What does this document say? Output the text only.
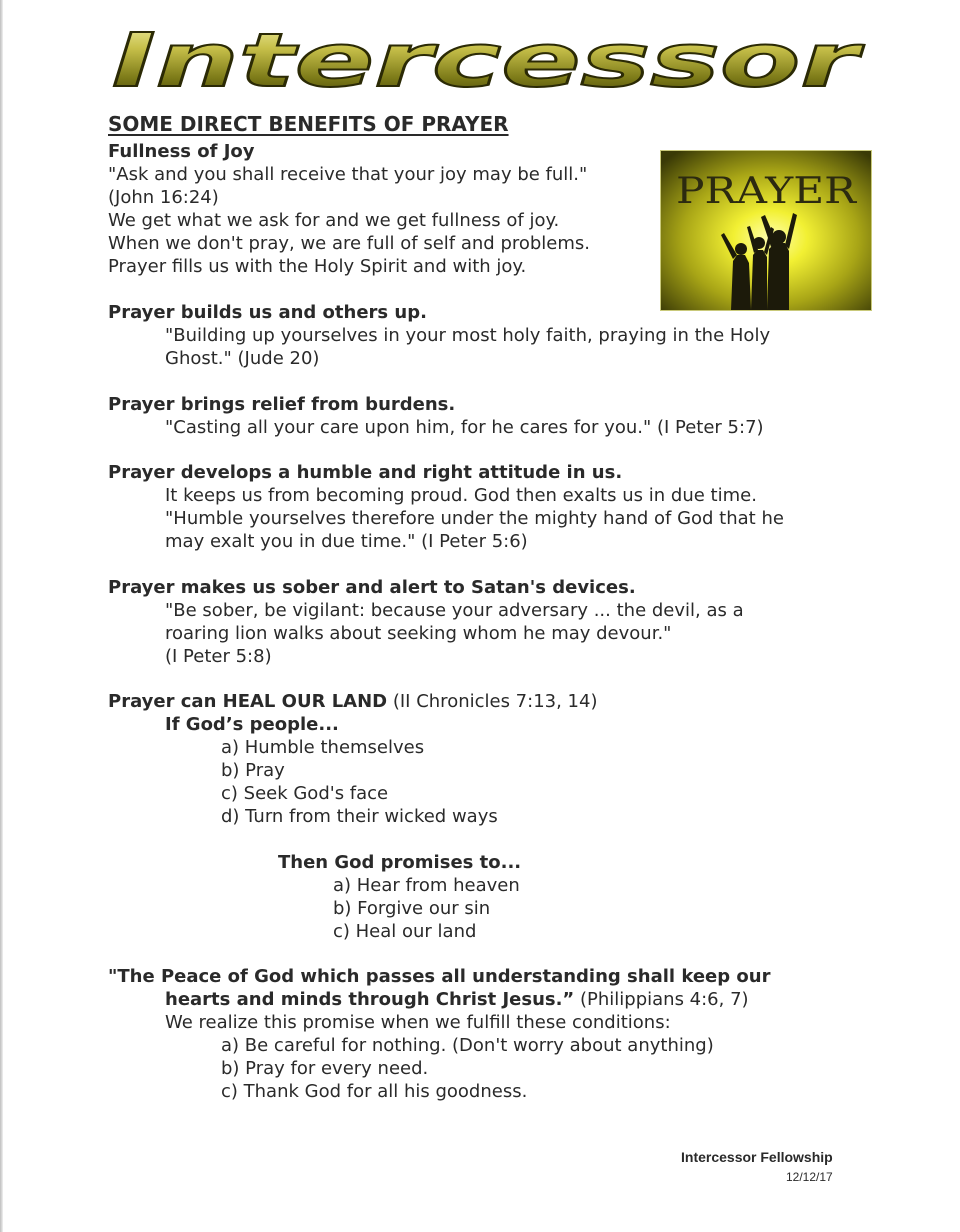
Intercessor
PRAYER

SOME DIRECT BENEFITS OF PRAYER

Fullness of Joy

"Ask and you shall receive that your joy may be full."

(John 16:24)

We get what we ask for and we get fullness of joy.

When we don't pray, we are full of self and problems.

Prayer fills us with the Holy Spirit and with joy.

Prayer builds us and others up.

"Building up yourselves in your most holy faith, praying in the Holy

Ghost." (Jude 20)

Prayer brings relief from burdens.

"Casting all your care upon him, for he cares for you." (I Peter 5:7)

Prayer develops a humble and right attitude in us.

It keeps us from becoming proud. God then exalts us in due time.

"Humble yourselves therefore under the mighty hand of God that he

may exalt you in due time." (I Peter 5:6)

Prayer makes us sober and alert to Satan's devices.

"Be sober, be vigilant: because your adversary ... the devil, as a

roaring lion walks about seeking whom he may devour."

(I Peter 5:8)

Prayer can HEAL OUR LAND (II Chronicles 7:13, 14)

If God’s people...

a) Humble themselves

b) Pray

c) Seek God's face

d) Turn from their wicked ways

Then God promises to...

a) Hear from heaven

b) Forgive our sin

c) Heal our land

"The Peace of God which passes all understanding shall keep our

hearts and minds through Christ Jesus.” (Philippians 4:6, 7)

We realize this promise when we fulfill these conditions:

a) Be careful for nothing. (Don't worry about anything)

b) Pray for every need.

c) Thank God for all his goodness.

Intercessor Fellowship
12/12/17
